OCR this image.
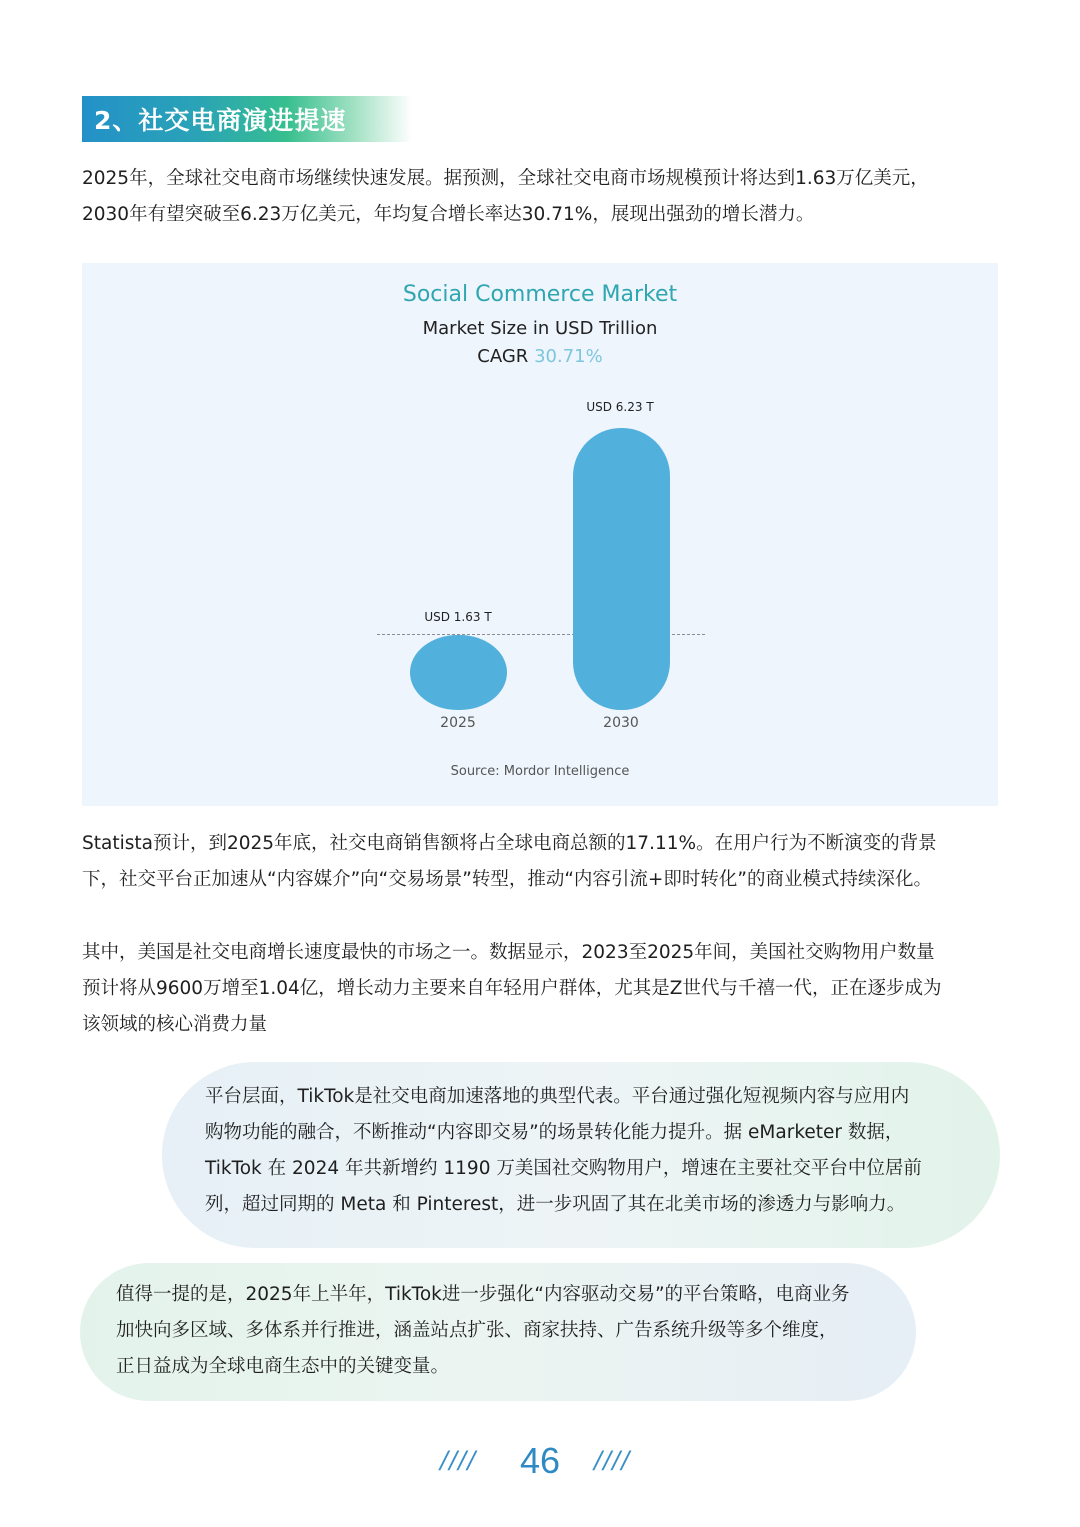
2、社交电商演进提速
2025年，全球社交电商市场继续快速发展。据预测，全球社交电商市场规模预计将达到1.63万亿美元，
2030年有望突破至6.23万亿美元，年均复合增长率达30.71%，展现出强劲的增长潜力。
Social Commerce Market
Market Size in USD Trillion
CAGR 30.71%
USD 1.63 T
2025
USD 6.23 T
2030
Source: Mordor Intelligence
Statista预计，到2025年底，社交电商销售额将占全球电商总额的17.11%。在用户行为不断演变的背景
下，社交平台正加速从“内容媒介”向“交易场景”转型，推动“内容引流+即时转化”的商业模式持续深化。
其中，美国是社交电商增长速度最快的市场之一。数据显示，2023至2025年间，美国社交购物用户数量
预计将从9600万增至1.04亿，增长动力主要来自年轻用户群体，尤其是Z世代与千禧一代，正在逐步成为
该领域的核心消费力量
平台层面，TikTok是社交电商加速落地的典型代表。平台通过强化短视频内容与应用内
购物功能的融合，不断推动“内容即交易”的场景转化能力提升。据 eMarketer 数据，
TikTok 在 2024 年共新增约 1190 万美国社交购物用户，增速在主要社交平台中位居前
列，超过同期的 Meta 和 Pinterest，进一步巩固了其在北美市场的渗透力与影响力。
值得一提的是，2025年上半年，TikTok进一步强化“内容驱动交易”的平台策略，电商业务
加快向多区域、多体系并行推进，涵盖站点扩张、商家扶持、广告系统升级等多个维度，
正日益成为全球电商生态中的关键变量。
//// 46 ////
